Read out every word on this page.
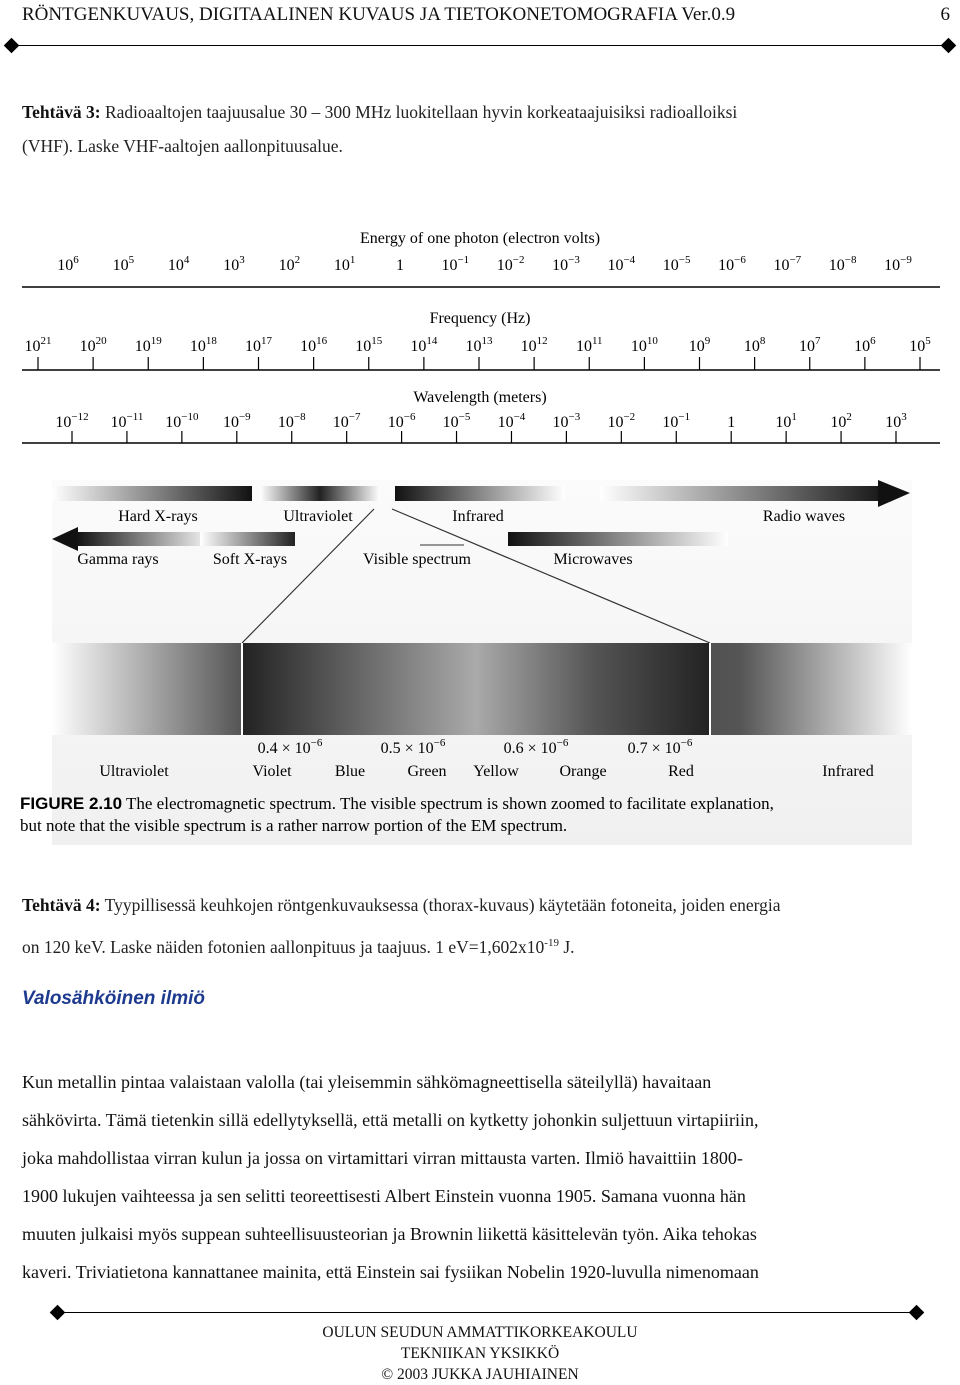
RÖNTGENKUVAUS, DIGITAALINEN KUVAUS JA TIETOKONETOMOGRAFIA Ver.0.9	6
Tehtävä 3: Radioaaltojen taajuusalue 30 – 300 MHz luokitellaan hyvin korkeataajuisiksi radioalloiksi
(VHF). Laske VHF-aaltojen aallonpituusalue.
Energy of one photon (electron volts)
$10^6$ $10^5$ $10^4$ $10^3$ $10^2$ $10^1$	1 $10^{-1}$ $10^{-2}$ $10^{-3}$ $10^{-4}$ $10^{-5}$ $10^{-6}$ $10^{-7}$ $10^{-8}$ $10^{-9}$
Frequency (Hz)
$10^{21}$ $10^{20}$ $10^{19}$ $10^{18}$ $10^{17}$ $10^{16}$ $10^{15}$ $10^{14}$ $10^{13}$ $10^{12}$ $10^{11}$ $10^{10}$ $10^9$ $10^8$ $10^7$ $10^6$ $10^5$
Wavelength (meters)
$10^{-12}$ $10^{-11}$ $10^{-10}$ $10^{-9}$ $10^{-8}$ $10^{-7}$ $10^{-6}$ $10^{-5}$ $10^{-4}$ $10^{-3}$ $10^{-2}$ $10^{-1}$ 1	$10^1$ $10^2$ $10^3$
Hard X-rays	Ultraviolet	Infrared	Radio waves
Gamma rays	Soft X-rays	Visible spectrum	Microwaves
$0.4 \times 10^{-6}$	$0.5 \times 10^{-6}$	$0.6 \times 10^{-6}$	$0.7 \times 10^{-6}$
Ultraviolet	Violet	Blue	Green Yellow	Orange	Red	Infrared
FIGURE 2.10 The electromagnetic spectrum. The visible spectrum is shown zoomed to facilitate explanation,
but note that the visible spectrum is a rather narrow portion of the EM spectrum.
Tehtävä 4: Tyypillisessä keuhkojen röntgenkuvauksessa (thorax-kuvaus) käytetään fotoneita, joiden energia
on 120 keV. Laske näiden fotonien aallonpituus ja taajuus. 1 $eV=1,602x10^{-19}$ J.
Valosähköinen ilmiö
Kun metallin pintaa valaistaan valolla (tai yleisemmin sähkömagneettisella säteilyllä) havaitaan
sähkövirta. Tämä tietenkin sillä edellytyksellä, että metalli on kytketty johonkin suljettuun virtapiiriin,
joka mahdollistaa virran kulun ja jossa on virtamittari virran mittausta varten. Ilmiö havaittiin 1800-
1900 lukujen vaihteessa ja sen selitti teoreettisesti Albert Einstein vuonna 1905. Samana vuonna hän
muuten julkaisi myös suppean suhteellisuusteorian ja Brownin liikettä käsittelevän työn. Aika tehokas
kaveri. Triviatietona kannattanee mainita, että Einstein sai fysiikan Nobelin 1920-luvulla nimenomaan
OULUN SEUDUN AMMATTIKORKEAKOULU
TEKNIIKAN YKSIKKÖ
© 2003 JUKKA JAUHIAINEN
